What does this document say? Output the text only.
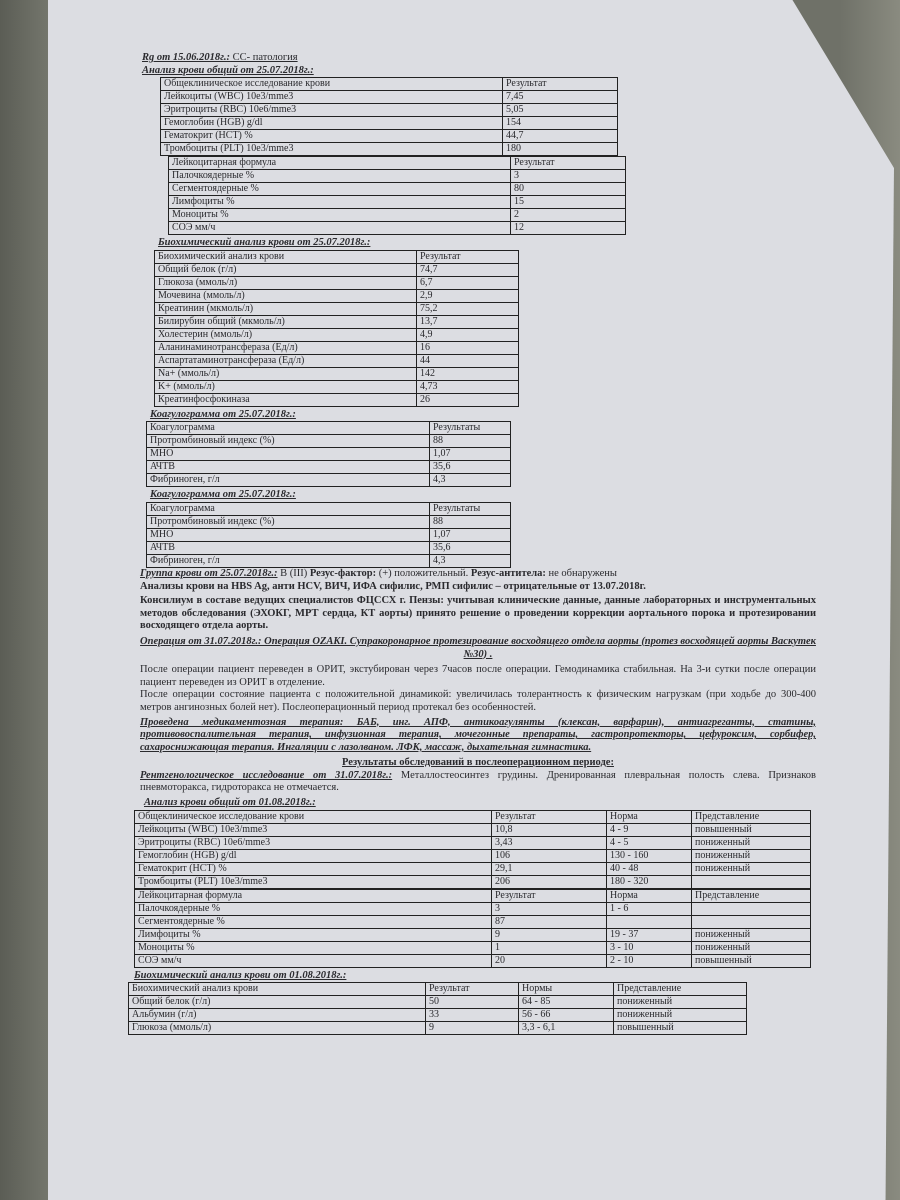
Rg от 15.06.2018г.: СС- патология
Анализ крови общий от 25.07.2018г.:
Общеклиническое исследование крови	Результат
Лейкоциты (WBC) 10e3/mme3	7,45
Эритроциты (RBC) 10e6/mme3	5,05
Гемоглобин (HGB) g/dl	154
Гематокрит (HCT) %	44,7
Тромбоциты (PLT) 10e3/mme3	180
Лейкоцитарная формула	Результат
Палочкоядерные %	3
Сегментоядерные %	80
Лимфоциты %	15
Моноциты %	2
СОЭ мм/ч	12
Биохимический анализ крови от 25.07.2018г.:
Биохимический анализ крови	Результат
Общий белок (г/л)	74,7
Глюкоза (ммоль/л)	6,7
Мочевина (ммоль/л)	2,9
Креатинин (мкмоль/л)	75,2
Билирубин общий (мкмоль/л)	13,7
Холестерин (ммоль/л)	4,9
Аланинаминотрансфераза (Ед/л)	16
Аспартатаминотрансфераза (Ед/л)	44
Na+ (ммоль/л)	142
K+ (ммоль/л)	4,73
Креатинфосфокиназа	26
Коагулограмма от 25.07.2018г.:
Коагулограмма	Результаты
Протромбиновый индекс (%)	88
МНО	1,07
АЧТВ	35,6
Фибриноген, г/л	4,3
Коагулограмма от 25.07.2018г.:
Коагулограмма	Результаты
Протромбиновый индекс (%)	88
МНО	1,07
АЧТВ	35,6
Фибриноген, г/л	4,3
Группа крови от 25.07.2018г.: В (III) Резус-фактор: (+) положительный. Резус-антитела: не обнаружены
Анализы крови на HBS Ag, анти HCV, ВИЧ, ИФА сифилис, РМП сифилис – отрицательные от 13.07.2018г.
Консилиум в составе ведущих специалистов ФЦССХ г. Пензы: учитывая клинические данные, данные лабораторных и инструментальных методов обследования (ЭХОКГ, МРТ сердца, КТ аорты) принято решение о проведении коррекции аортального порока и протезировании восходящего отдела аорты.
Операция от 31.07.2018г.: Операция OZAKI. Супракоронарное протезирование восходящего отдела аорты (протез восходящей аорты Васкутек №30) .
После операции пациент переведен в ОРИТ, экстубирован через 7часов после операции. Гемодинамика стабильная. На 3-и сутки после операции пациент переведен из ОРИТ в отделение.
После операции состояние пациента с положительной динамикой: увеличилась толерантность к физическим нагрузкам (при ходьбе до 300-400 метров ангинозных болей нет). Послеоперационный период протекал без особенностей.
Проведена медикаментозная терапия: БАБ, инг. АПФ, антикоагулянты (клексан, варфарин), антиагреганты, статины, противовоспалительная терапия, инфузионная терапия, мочегонные препараты, гастропротекторы, цефуроксим, сорбифер, сахароснижающая терапия. Ингаляции с лазолваном. ЛФК, массаж, дыхательная гимнастика.
Результаты обследований в послеоперационном периоде:
Рентгенологическое исследование от 31.07.2018г.: Металлостеосинтез грудины. Дренированная плевральная полость слева. Признаков пневмоторакса, гидроторакса не отмечается.
Анализ крови общий от 01.08.2018г.:
Общеклиническое исследование крови	Результат	Норма	Представление
Лейкоциты (WBC) 10e3/mme3	10,8	4 - 9	повышенный
Эритроциты (RBC) 10e6/mme3	3,43	4 - 5	пониженный
Гемоглобин (HGB) g/dl	106	130 - 160	пониженный
Гематокрит (HCT) %	29,1	40 - 48	пониженный
Тромбоциты (PLT) 10e3/mme3	206	180 - 320	
Лейкоцитарная формула	Результат	Норма	Представление
Палочкоядерные %	3	1 - 6	
Сегментоядерные %	87		
Лимфоциты %	9	19 - 37	пониженный
Моноциты %	1	3 - 10	пониженный
СОЭ мм/ч	20	2 - 10	повышенный
Биохимический анализ крови от 01.08.2018г.:
Биохимический анализ крови	Результат	Нормы	Представление
Общий белок (г/л)	50	64 - 85	пониженный
Альбумин (г/л)	33	56 - 66	пониженный
Глюкоза (ммоль/л)	9	3,3 - 6,1	повышенный
